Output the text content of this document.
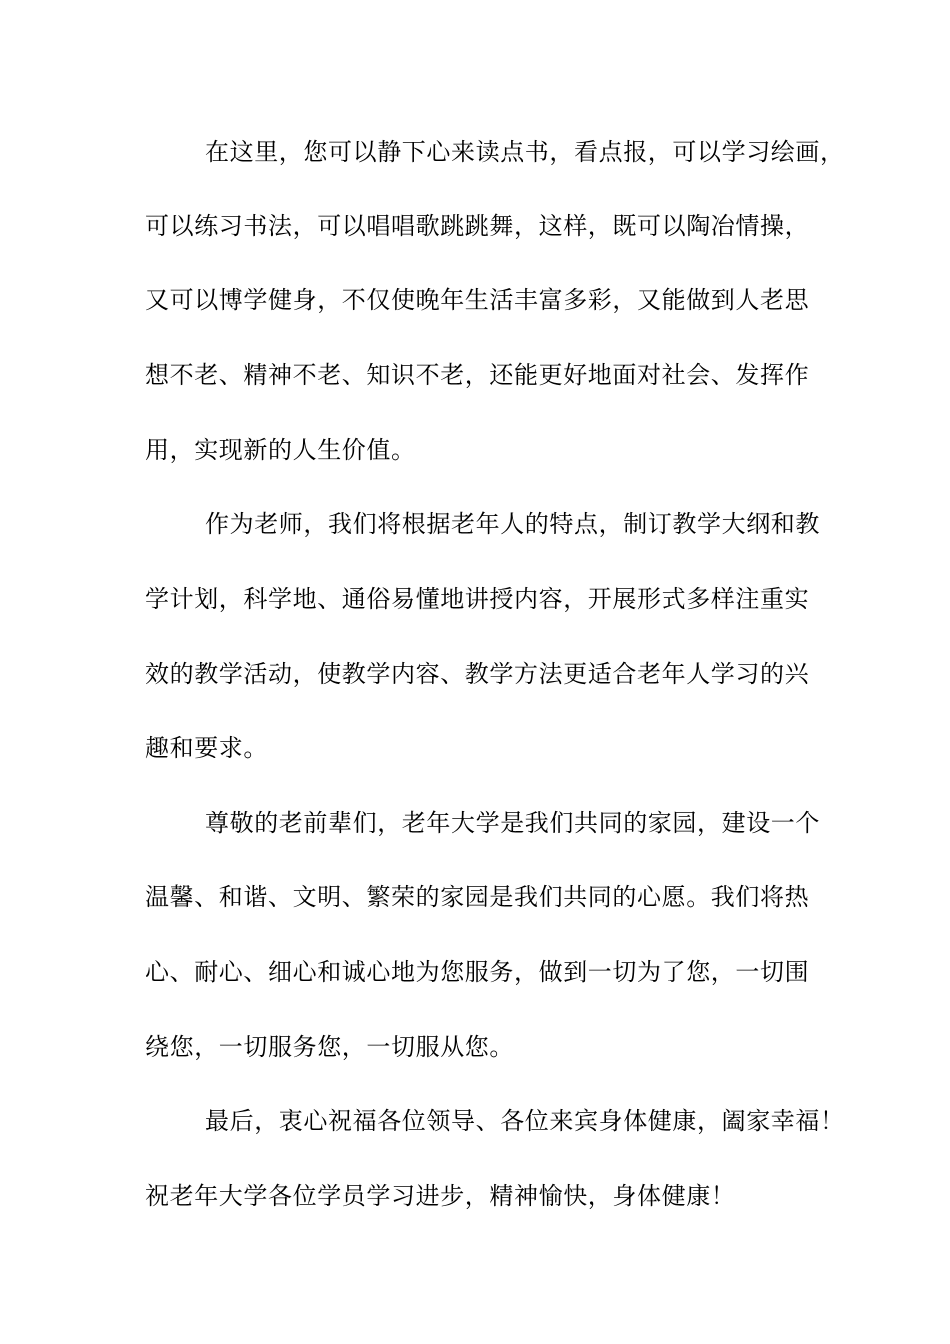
在这里，您可以静下心来读点书，看点报，可以学习绘画，
可以练习书法，可以唱唱歌跳跳舞，这样，既可以陶冶情操，
又可以博学健身，不仅使晚年生活丰富多彩，又能做到人老思
想不老、精神不老、知识不老，还能更好地面对社会、发挥作
用，实现新的人生价值。
作为老师，我们将根据老年人的特点，制订教学大纲和教
学计划，科学地、通俗易懂地讲授内容，开展形式多样注重实
效的教学活动，使教学内容、教学方法更适合老年人学习的兴
趣和要求。
尊敬的老前辈们，老年大学是我们共同的家园，建设一个
温馨、和谐、文明、繁荣的家园是我们共同的心愿。我们将热
心、耐心、细心和诚心地为您服务，做到一切为了您，一切围
绕您，一切服务您，一切服从您。
最后，衷心祝福各位领导、各位来宾身体健康，阖家幸福！
祝老年大学各位学员学习进步，精神愉快，身体健康！
